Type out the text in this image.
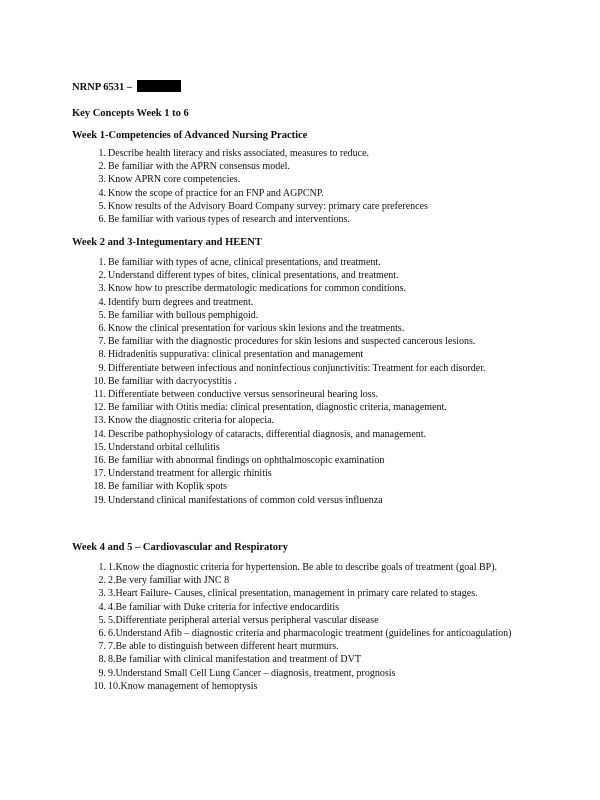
NRNP 6531 –
Key Concepts Week 1 to 6
Week 1-Competencies of Advanced Nursing Practice
1. Describe health literacy and risks associated, measures to reduce.
2. Be familiar with the APRN consensus model.
3. Know APRN core competencies.
4. Know the scope of practice for an FNP and AGPCNP.
5. Know results of the Advisory Board Company survey: primary care preferences
6. Be familiar with various types of research and interventions.
Week 2 and 3-Integumentary and HEENT
1. Be familiar with types of acne, clinical presentations, and treatment.
2. Understand different types of bites, clinical presentations, and treatment.
3. Know how to prescribe dermatologic medications for common conditions.
4. Identify burn degrees and treatment.
5. Be familiar with bullous pemphigoid.
6. Know the clinical presentation for various skin lesions and the treatments.
7. Be familiar with the diagnostic procedures for skin lesions and suspected cancerous lesions.
8. Hidradenitis suppurativa: clinical presentation and management
9. Differentiate between infectious and noninfectious conjunctivitis: Treatment for each disorder.
10. Be familiar with dacryocystitis .
11. Differentiate between conductive versus sensorineural hearing loss.
12. Be familiar with Otitis media: clinical presentation, diagnostic criteria, management.
13. Know the diagnostic criteria for alopecia.
14. Describe pathophysiology of cataracts, differential diagnosis, and management.
15. Understand orbital cellulitis
16. Be familiar with abnormal findings on ophthalmoscopic examination
17. Understand treatment for allergic rhinitis
18. Be familiar with Koplik spots
19. Understand clinical manifestations of common cold versus influenza
Week 4 and 5 – Cardiovascular and Respiratory
1. 1.Know the diagnostic criteria for hypertension. Be able to describe goals of treatment (goal BP).
2. 2.Be very familiar with JNC 8
3. 3.Heart Failure- Causes, clinical presentation, management in primary care related to stages.
4. 4.Be familiar with Duke criteria for infective endocarditis
5. 5.Differentiate peripheral arterial versus peripheral vascular disease
6. 6.Understand Afib – diagnostic criteria and pharmacologic treatment (guidelines for anticoagulation)
7. 7.Be able to distinguish between different heart murmurs.
8. 8.Be familiar with clinical manifestation and treatment of DVT
9. 9.Understand Small Cell Lung Cancer – diagnosis, treatment, prognosis
10. 10.Know management of hemoptysis
